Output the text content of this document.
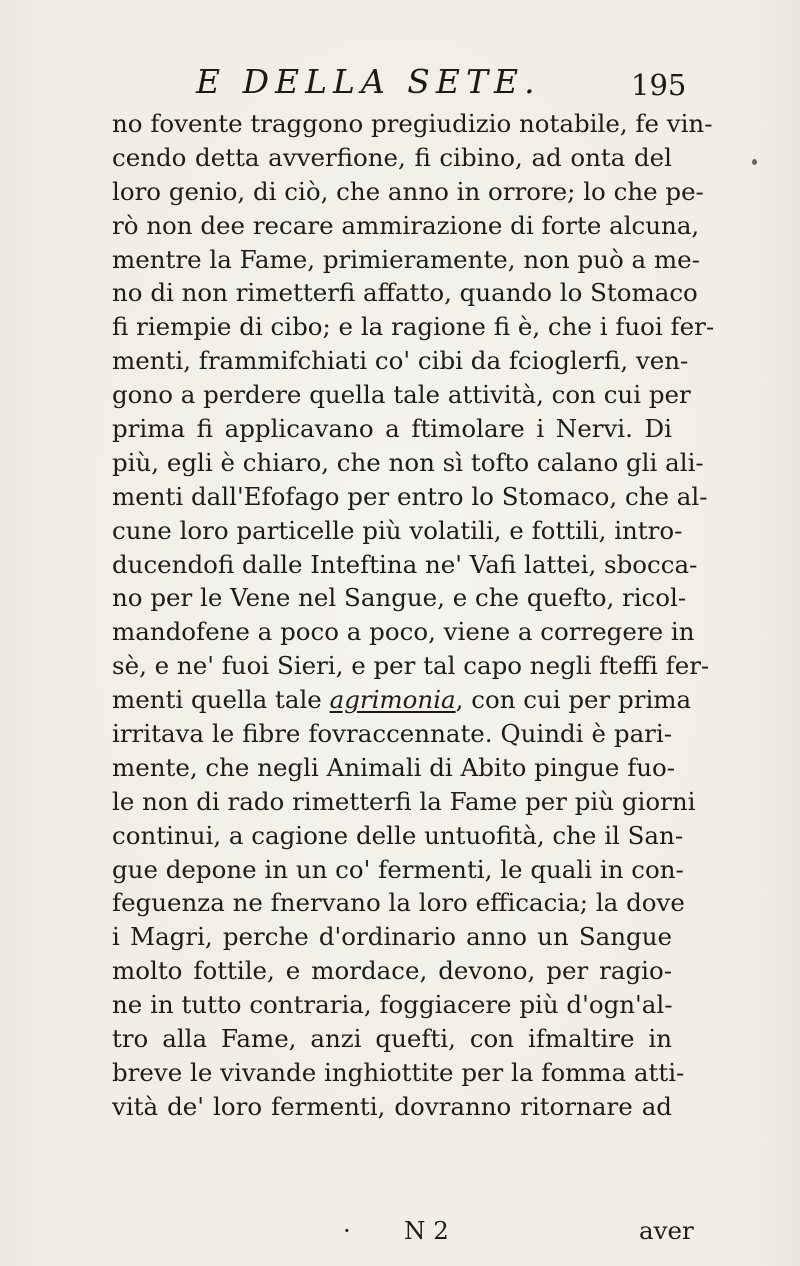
E DELLA SETE.	195
no fovente traggono pregiudizio notabile, fe vin-
cendo detta avverfione, fi cibino, ad onta del
loro genio, di ciò, che anno in orrore; lo che pe-
rò non dee recare ammirazione di forte alcuna,
mentre la Fame, primieramente, non può a me-
no di non rimetterfi affatto, quando lo Stomaco
fi riempie di cibo; e la ragione fi è, che i fuoi fer-
menti, frammifchiati co' cibi da fcioglerfi, ven-
gono a perdere quella tale attività, con cui per
prima fi applicavano a ftimolare i Nervi. Di
più, egli è chiaro, che non sì tofto calano gli ali-
menti dall'Efofago per entro lo Stomaco, che al-
cune loro particelle più volatili, e fottili, intro-
ducendofi dalle Inteftina ne' Vafi lattei, sbocca-
no per le Vene nel Sangue, e che quefto, ricol-
mandofene a poco a poco, viene a corregere in
sè, e ne' fuoi Sieri, e per tal capo negli fteffi fer-
menti quella tale agrimonia, con cui per prima
irritava le fibre fovraccennate. Quindi è pari-
mente, che negli Animali di Abito pingue fuo-
le non di rado rimetterfi la Fame per più giorni
continui, a cagione delle untuofità, che il San-
gue depone in un co' fermenti, le quali in con-
feguenza ne fnervano la loro efficacia; la dove
i Magri, perche d'ordinario anno un Sangue
molto fottile, e mordace, devono, per ragio-
ne in tutto contraria, foggiacere più d'ogn'al-
tro alla Fame, anzi quefti, con ifmaltire in
breve le vivande inghiottite per la fomma atti-
vità de' loro fermenti, dovranno ritornare ad
· N 2	aver
